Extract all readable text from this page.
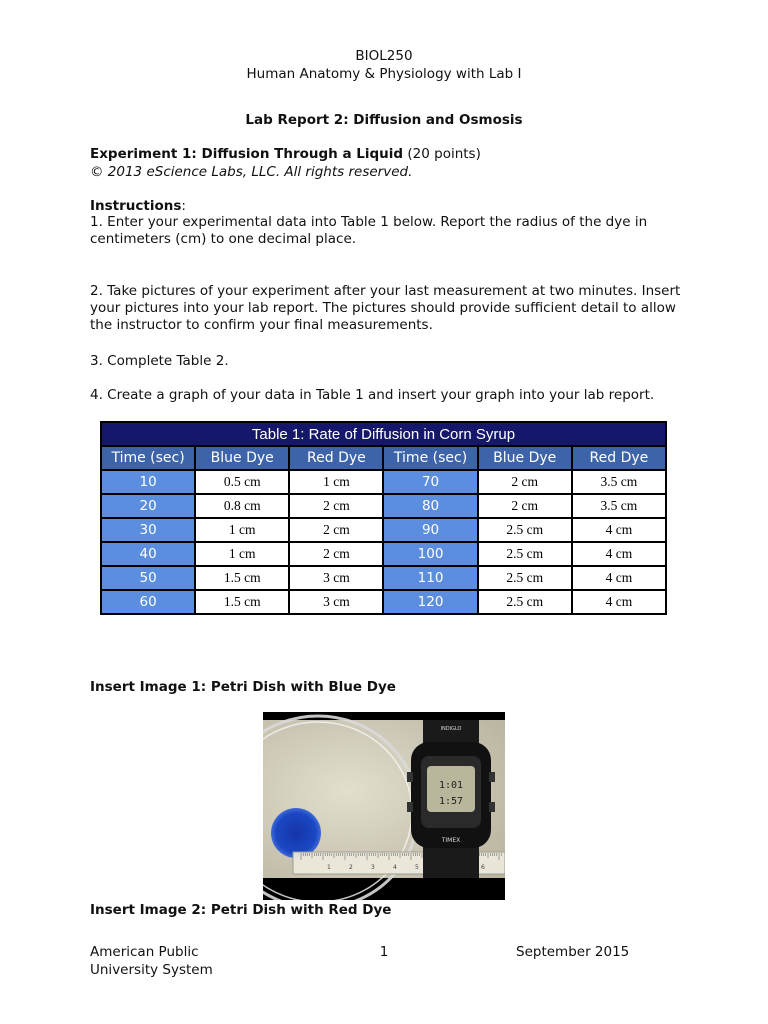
BIOL250
Human Anatomy & Physiology with Lab I
Lab Report 2: Diffusion and Osmosis
Experiment 1: Diffusion Through a Liquid (20 points)
© 2013 eScience Labs, LLC. All rights reserved.
Instructions:

1. Enter your experimental data into Table 1 below. Report the radius of the dye in centimeters (cm) to one decimal place.

2. Take pictures of your experiment after your last measurement at two minutes. Insert your pictures into your lab report. The pictures should provide sufficient detail to allow the instructor to confirm your final measurements.

3. Complete Table 2.

4. Create a graph of your data in Table 1 and insert your graph into your lab report.

Table 1: Rate of Diffusion in Corn Syrup					
Time (sec)	Blue Dye	Red Dye	Time (sec)	Blue Dye	Red Dye
10	0.5 cm	1 cm	70	2 cm	3.5 cm
20	0.8 cm	2 cm	80	2 cm	3.5 cm
30	1 cm	2 cm	90	2.5 cm	4 cm
40	1 cm	2 cm	100	2.5 cm	4 cm
50	1.5 cm	3 cm	110	2.5 cm	4 cm
60	1.5 cm	3 cm	120	2.5 cm	4 cm
Insert Image 1: Petri Dish with Blue Dye
1	2	3	4	5	6
INDIGLO
1:01
1:57
TIMEX
Insert Image 2: Petri Dish with Red Dye
American Public
University System
1	September 2015
